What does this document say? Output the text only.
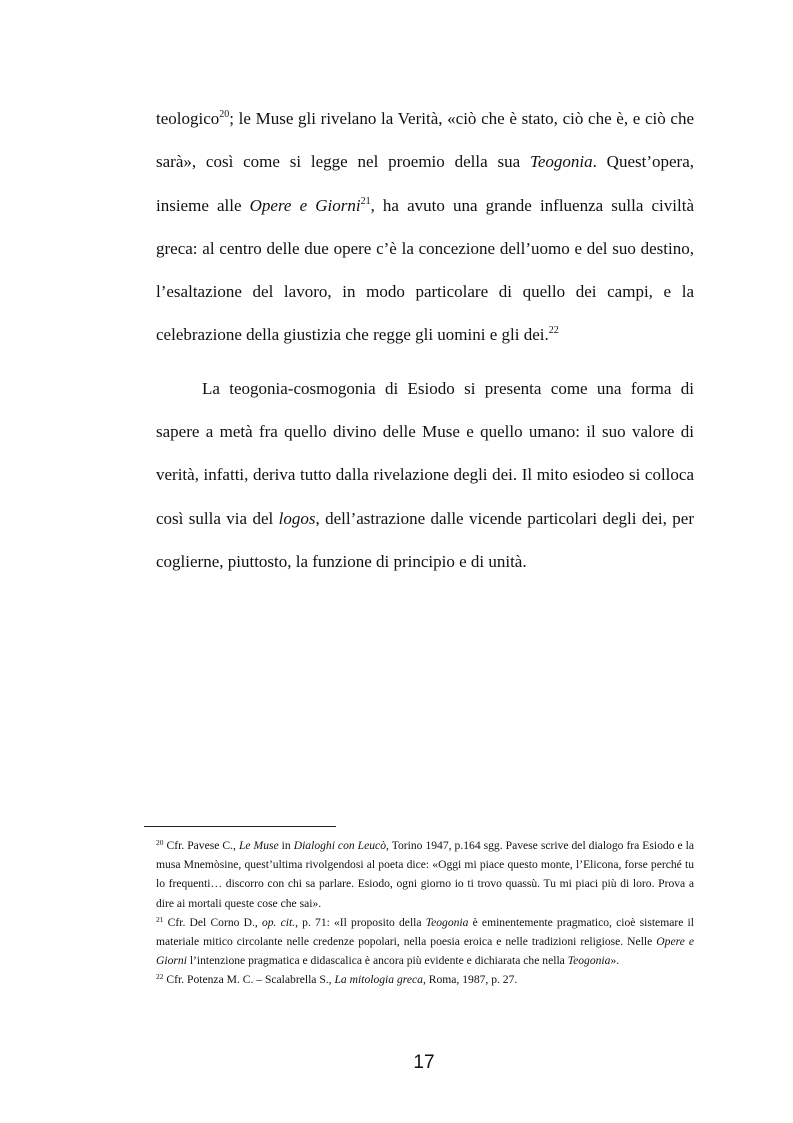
teologico$^{20}$; le Muse gli rivelano la Verità, «ciò che è stato, ciò che è, e ciò che sarà», così come si legge nel proemio della sua Teogonia. Quest’opera, insieme alle Opere e Giorni$^{21}$, ha avuto una grande influenza sulla civiltà greca: al centro delle due opere c’è la concezione dell’uomo e del suo destino, l’esaltazione del lavoro, in modo particolare di quello dei campi, e la celebrazione della giustizia che regge gli uomini e gli dei.$^{22}$

La teogonia-cosmogonia di Esiodo si presenta come una forma di sapere a metà fra quello divino delle Muse e quello umano: il suo valore di verità, infatti, deriva tutto dalla rivelazione degli dei. Il mito esiodeo si colloca così sulla via del logos, dell’astrazione dalle vicende particolari degli dei, per coglierne, piuttosto, la funzione di principio e di unità.

$^{20}$ Cfr. Pavese C., Le Muse in Dialoghi con Leucò, Torino 1947, p.164 sgg. Pavese scrive del dialogo fra Esiodo e la musa Mnemòsine, quest’ultima rivolgendosi al poeta dice: «Oggi mi piace questo monte, l’Elicona, forse perché tu lo frequenti… discorro con chi sa parlare. Esiodo, ogni giorno io ti trovo quassù. Tu mi piaci più di loro. Prova a dire ai mortali queste cose che sai».

$^{21}$ Cfr. Del Corno D., op. cit., p. 71: «Il proposito della Teogonia è eminentemente pragmatico, cioè sistemare il materiale mitico circolante nelle credenze popolari, nella poesia eroica e nelle tradizioni religiose. Nelle Opere e Giorni l’intenzione pragmatica e didascalica è ancora più evidente e dichiarata che nella Teogonia».

$^{22}$ Cfr. Potenza M. C. – Scalabrella S., La mitologia greca, Roma, 1987, p. 27.

17
